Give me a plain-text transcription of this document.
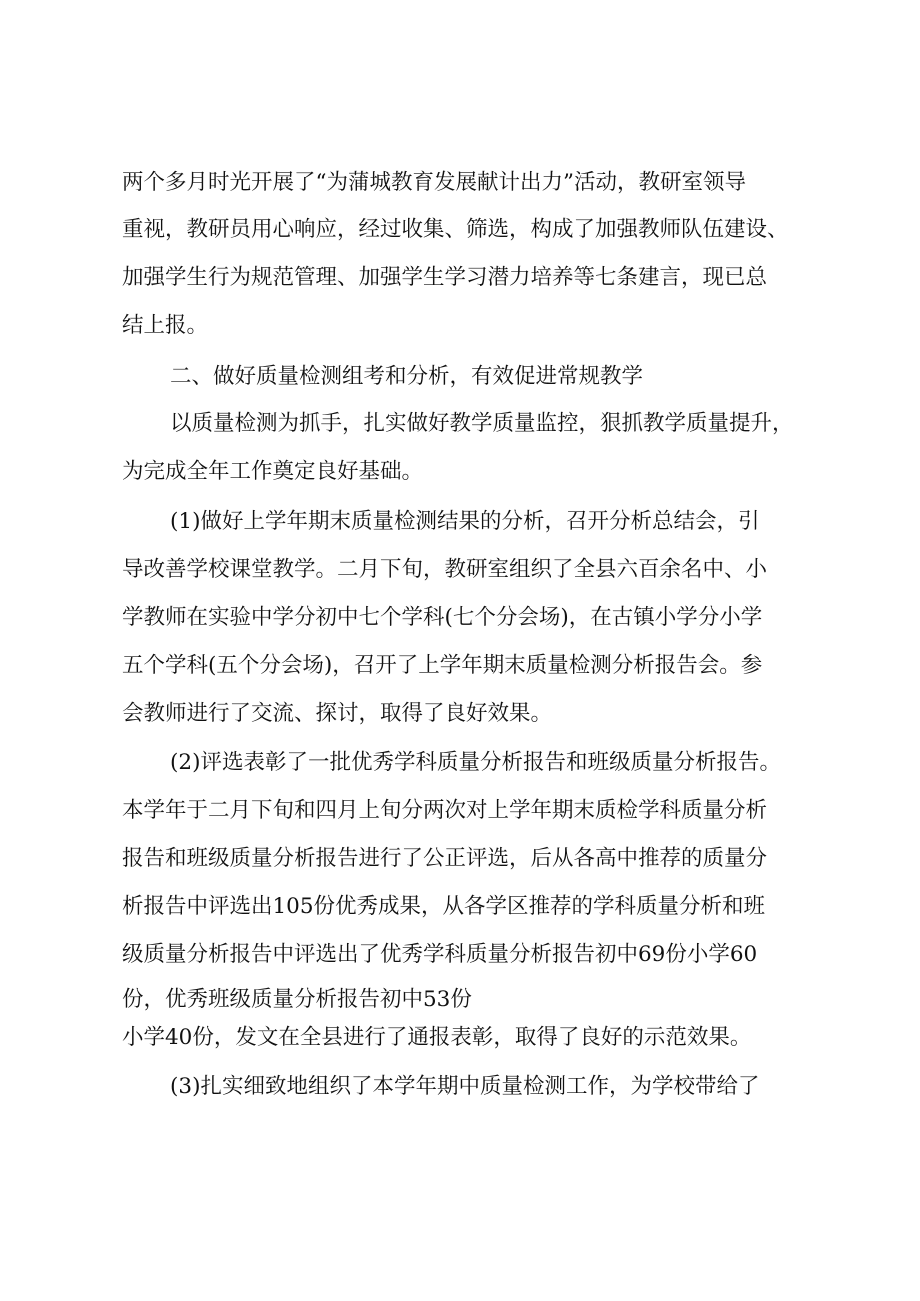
两个多月时光开展了“为蒲城教育发展献计出力”活动，教研室领导
重视，教研员用心响应，经过收集、筛选，构成了加强教师队伍建设、
加强学生行为规范管理、加强学生学习潜力培养等七条建言，现已总
结上报。
二、做好质量检测组考和分析，有效促进常规教学
以质量检测为抓手，扎实做好教学质量监控，狠抓教学质量提升，
为完成全年工作奠定良好基础。
(1)做好上学年期末质量检测结果的分析，召开分析总结会，引
导改善学校课堂教学。二月下旬，教研室组织了全县六百余名中、小
学教师在实验中学分初中七个学科(七个分会场)，在古镇小学分小学
五个学科(五个分会场)，召开了上学年期末质量检测分析报告会。参
会教师进行了交流、探讨，取得了良好效果。
(2)评选表彰了一批优秀学科质量分析报告和班级质量分析报告。
本学年于二月下旬和四月上旬分两次对上学年期末质检学科质量分析
报告和班级质量分析报告进行了公正评选，后从各高中推荐的质量分
析报告中评选出105份优秀成果，从各学区推荐的学科质量分析和班
级质量分析报告中评选出了优秀学科质量分析报告初中69份小学60
份，优秀班级质量分析报告初中53份
小学40份，发文在全县进行了通报表彰，取得了良好的示范效果。
(3)扎实细致地组织了本学年期中质量检测工作，为学校带给了
